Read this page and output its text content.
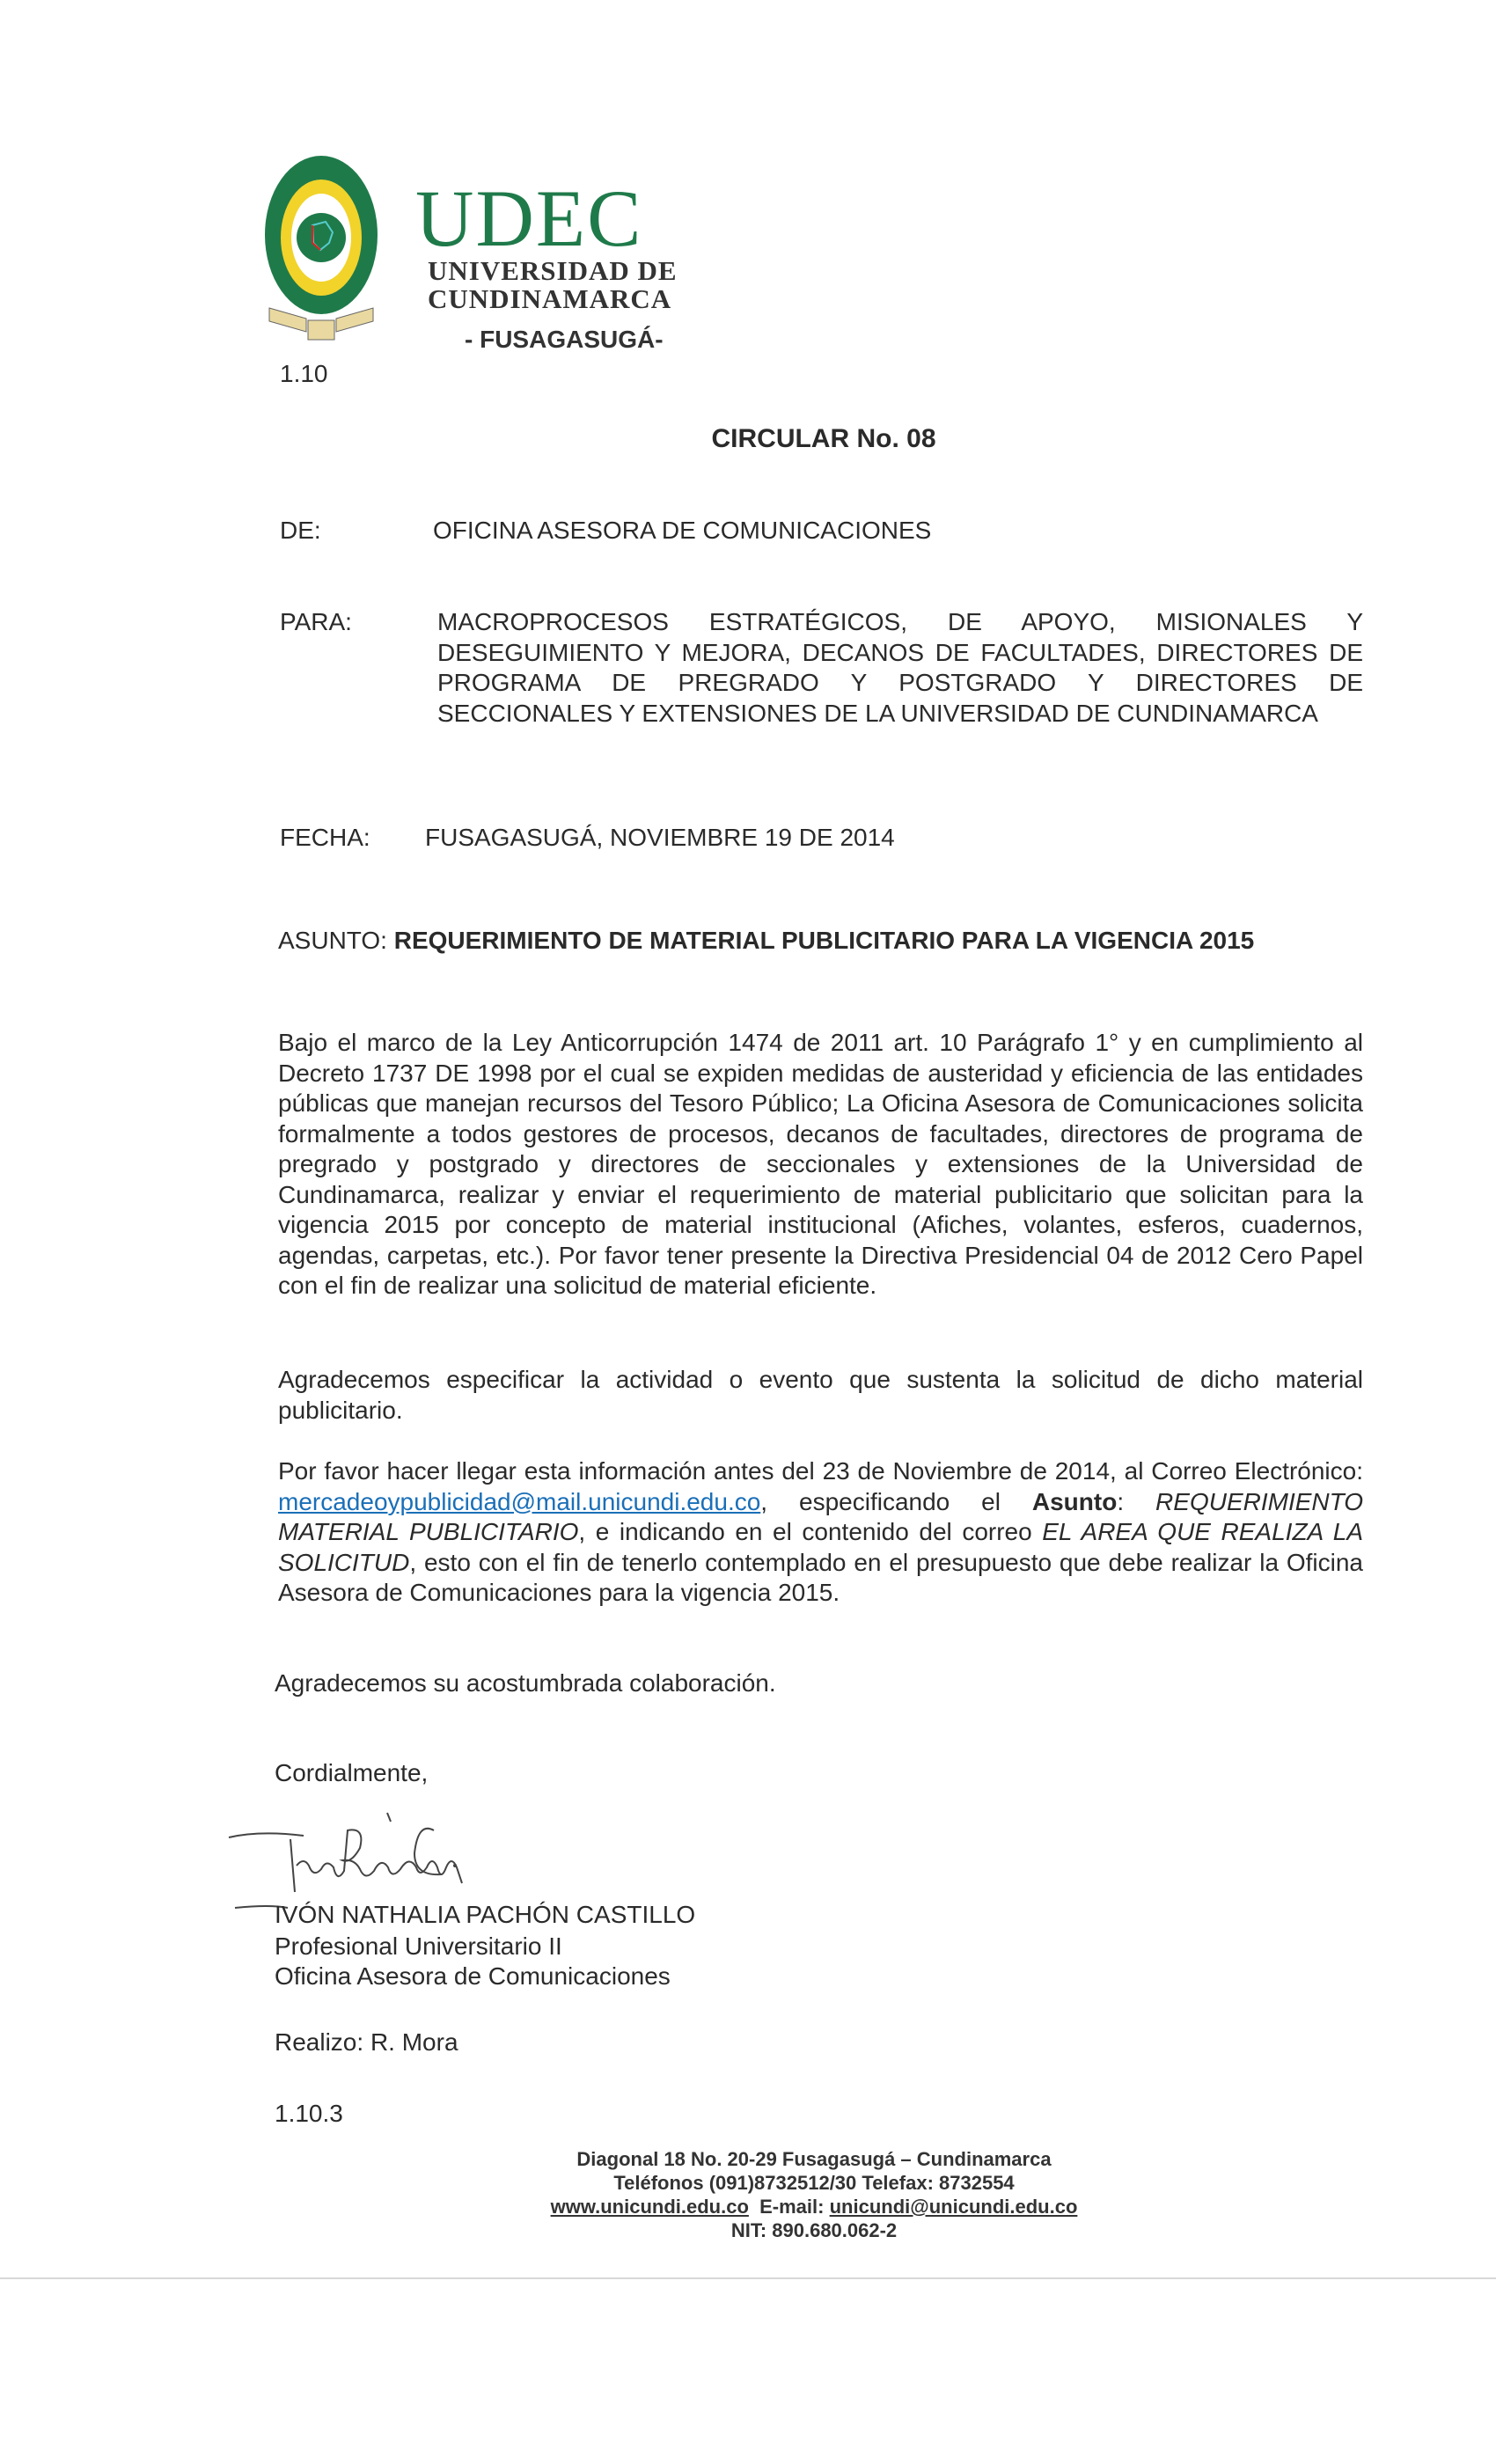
UDEC
UNIVERSIDAD DE
CUNDINAMARCA
- FUSAGASUGÁ-
1.10
CIRCULAR No. 08
DE:	OFICINA ASESORA DE COMUNICACIONES
PARA:	MACROPROCESOS ESTRATÉGICOS, DE APOYO, MISIONALES Y DESEGUIMIENTO Y MEJORA, DECANOS DE FACULTADES, DIRECTORES DE PROGRAMA DE PREGRADO Y POSTGRADO Y DIRECTORES DE SECCIONALES Y EXTENSIONES DE LA UNIVERSIDAD DE CUNDINAMARCA
FECHA: FUSAGASUGÁ, NOVIEMBRE 19 DE 2014
ASUNTO: REQUERIMIENTO DE MATERIAL PUBLICITARIO PARA LA VIGENCIA 2015
Bajo el marco de la Ley Anticorrupción 1474 de 2011 art. 10 Parágrafo 1° y en cumplimiento al Decreto 1737 DE 1998 por el cual se expiden medidas de austeridad y eficiencia de las entidades públicas que manejan recursos del Tesoro Público; La Oficina Asesora de Comunicaciones solicita formalmente a todos gestores de procesos, decanos de facultades, directores de programa de pregrado y postgrado y directores de seccionales y extensiones de la Universidad de Cundinamarca, realizar y enviar el requerimiento de material publicitario que solicitan para la vigencia 2015 por concepto de material institucional (Afiches, volantes, esferos, cuadernos, agendas, carpetas, etc.). Por favor tener presente la Directiva Presidencial 04 de 2012 Cero Papel con el fin de realizar una solicitud de material eficiente.
Agradecemos especificar la actividad o evento que sustenta la solicitud de dicho material publicitario.
Por favor hacer llegar esta información antes del 23 de Noviembre de 2014, al Correo Electrónico: mercadeoypublicidad@mail.unicundi.edu.co, especificando el Asunto: REQUERIMIENTO MATERIAL PUBLICITARIO, e indicando en el contenido del correo EL AREA QUE REALIZA LA SOLICITUD, esto con el fin de tenerlo contemplado en el presupuesto que debe realizar la Oficina Asesora de Comunicaciones para la vigencia 2015.
Agradecemos su acostumbrada colaboración.
Cordialmente,
IVÓN NATHALIA PACHÓN CASTILLO
Profesional Universitario II
Oficina Asesora de Comunicaciones
Realizo: R. Mora
1.10.3
Diagonal 18 No. 20-29 Fusagasugá – Cundinamarca
Teléfonos (091)8732512/30 Telefax: 8732554
www.unicundi.edu.co E-mail: unicundi@unicundi.edu.co
NIT: 890.680.062-2
